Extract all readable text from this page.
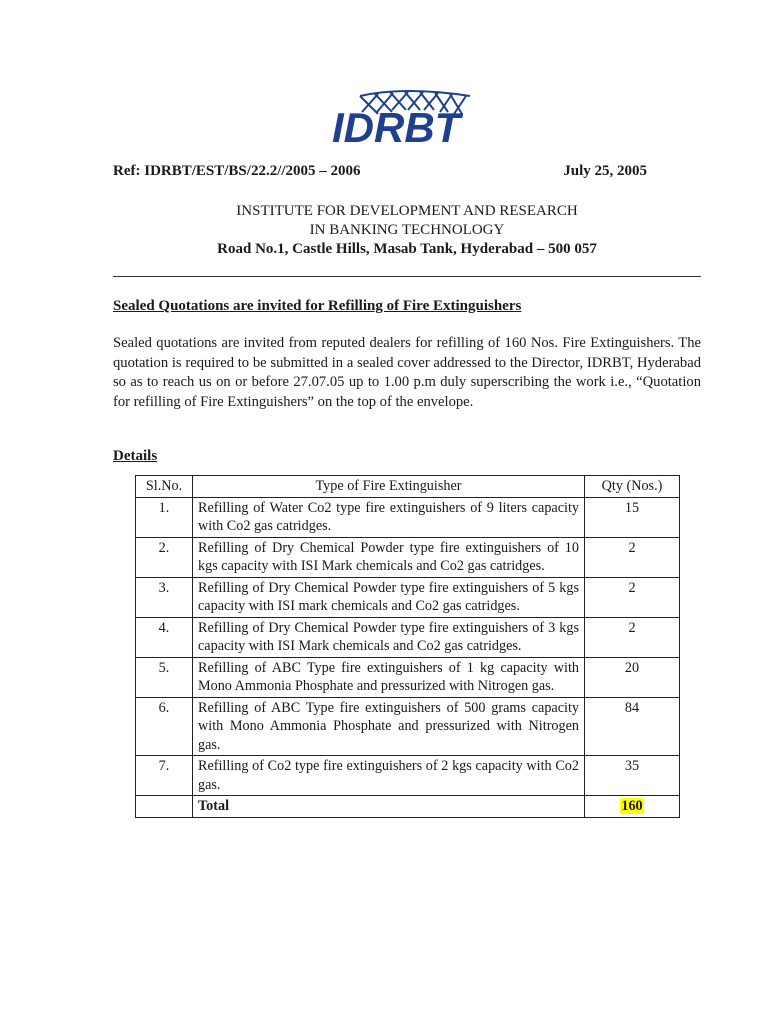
IDRBT
Ref: IDRBT/EST/BS/22.2//2005 – 2006	July 25, 2005
INSTITUTE FOR DEVELOPMENT AND RESEARCH
IN BANKING TECHNOLOGY
Road No.1, Castle Hills, Masab Tank, Hyderabad – 500 057
Sealed Quotations are invited for Refilling of Fire Extinguishers
Sealed quotations are invited from reputed dealers for refilling of 160 Nos. Fire Extinguishers. The quotation is required to be submitted in a sealed cover addressed to the Director, IDRBT, Hyderabad so as to reach us on or before 27.07.05 up to 1.00 p.m duly superscribing the work i.e., “Quotation for refilling of Fire Extinguishers” on the top of the envelope.
Details
Sl.No.	Type of Fire Extinguisher	Qty (Nos.)
1.	Refilling of Water Co2 type fire extinguishers of 9 liters capacity with Co2 gas catridges.	15
2.	Refilling of Dry Chemical Powder type fire extinguishers of 10 kgs capacity with ISI Mark chemicals and Co2 gas catridges.	2
3.	Refilling of Dry Chemical Powder type fire extinguishers of 5 kgs capacity with ISI mark chemicals and Co2 gas catridges.	2
4.	Refilling of Dry Chemical Powder type fire extinguishers of 3 kgs capacity with ISI Mark chemicals and Co2 gas catridges.	2
5.	Refilling of ABC Type fire extinguishers of 1 kg capacity with Mono Ammonia Phosphate and pressurized with Nitrogen gas.	20
6.	Refilling of ABC Type fire extinguishers of 500 grams capacity with Mono Ammonia Phosphate and pressurized with Nitrogen gas.	84
7.	Refilling of Co2 type fire extinguishers of 2 kgs capacity with Co2 gas.	35
	Total	160
